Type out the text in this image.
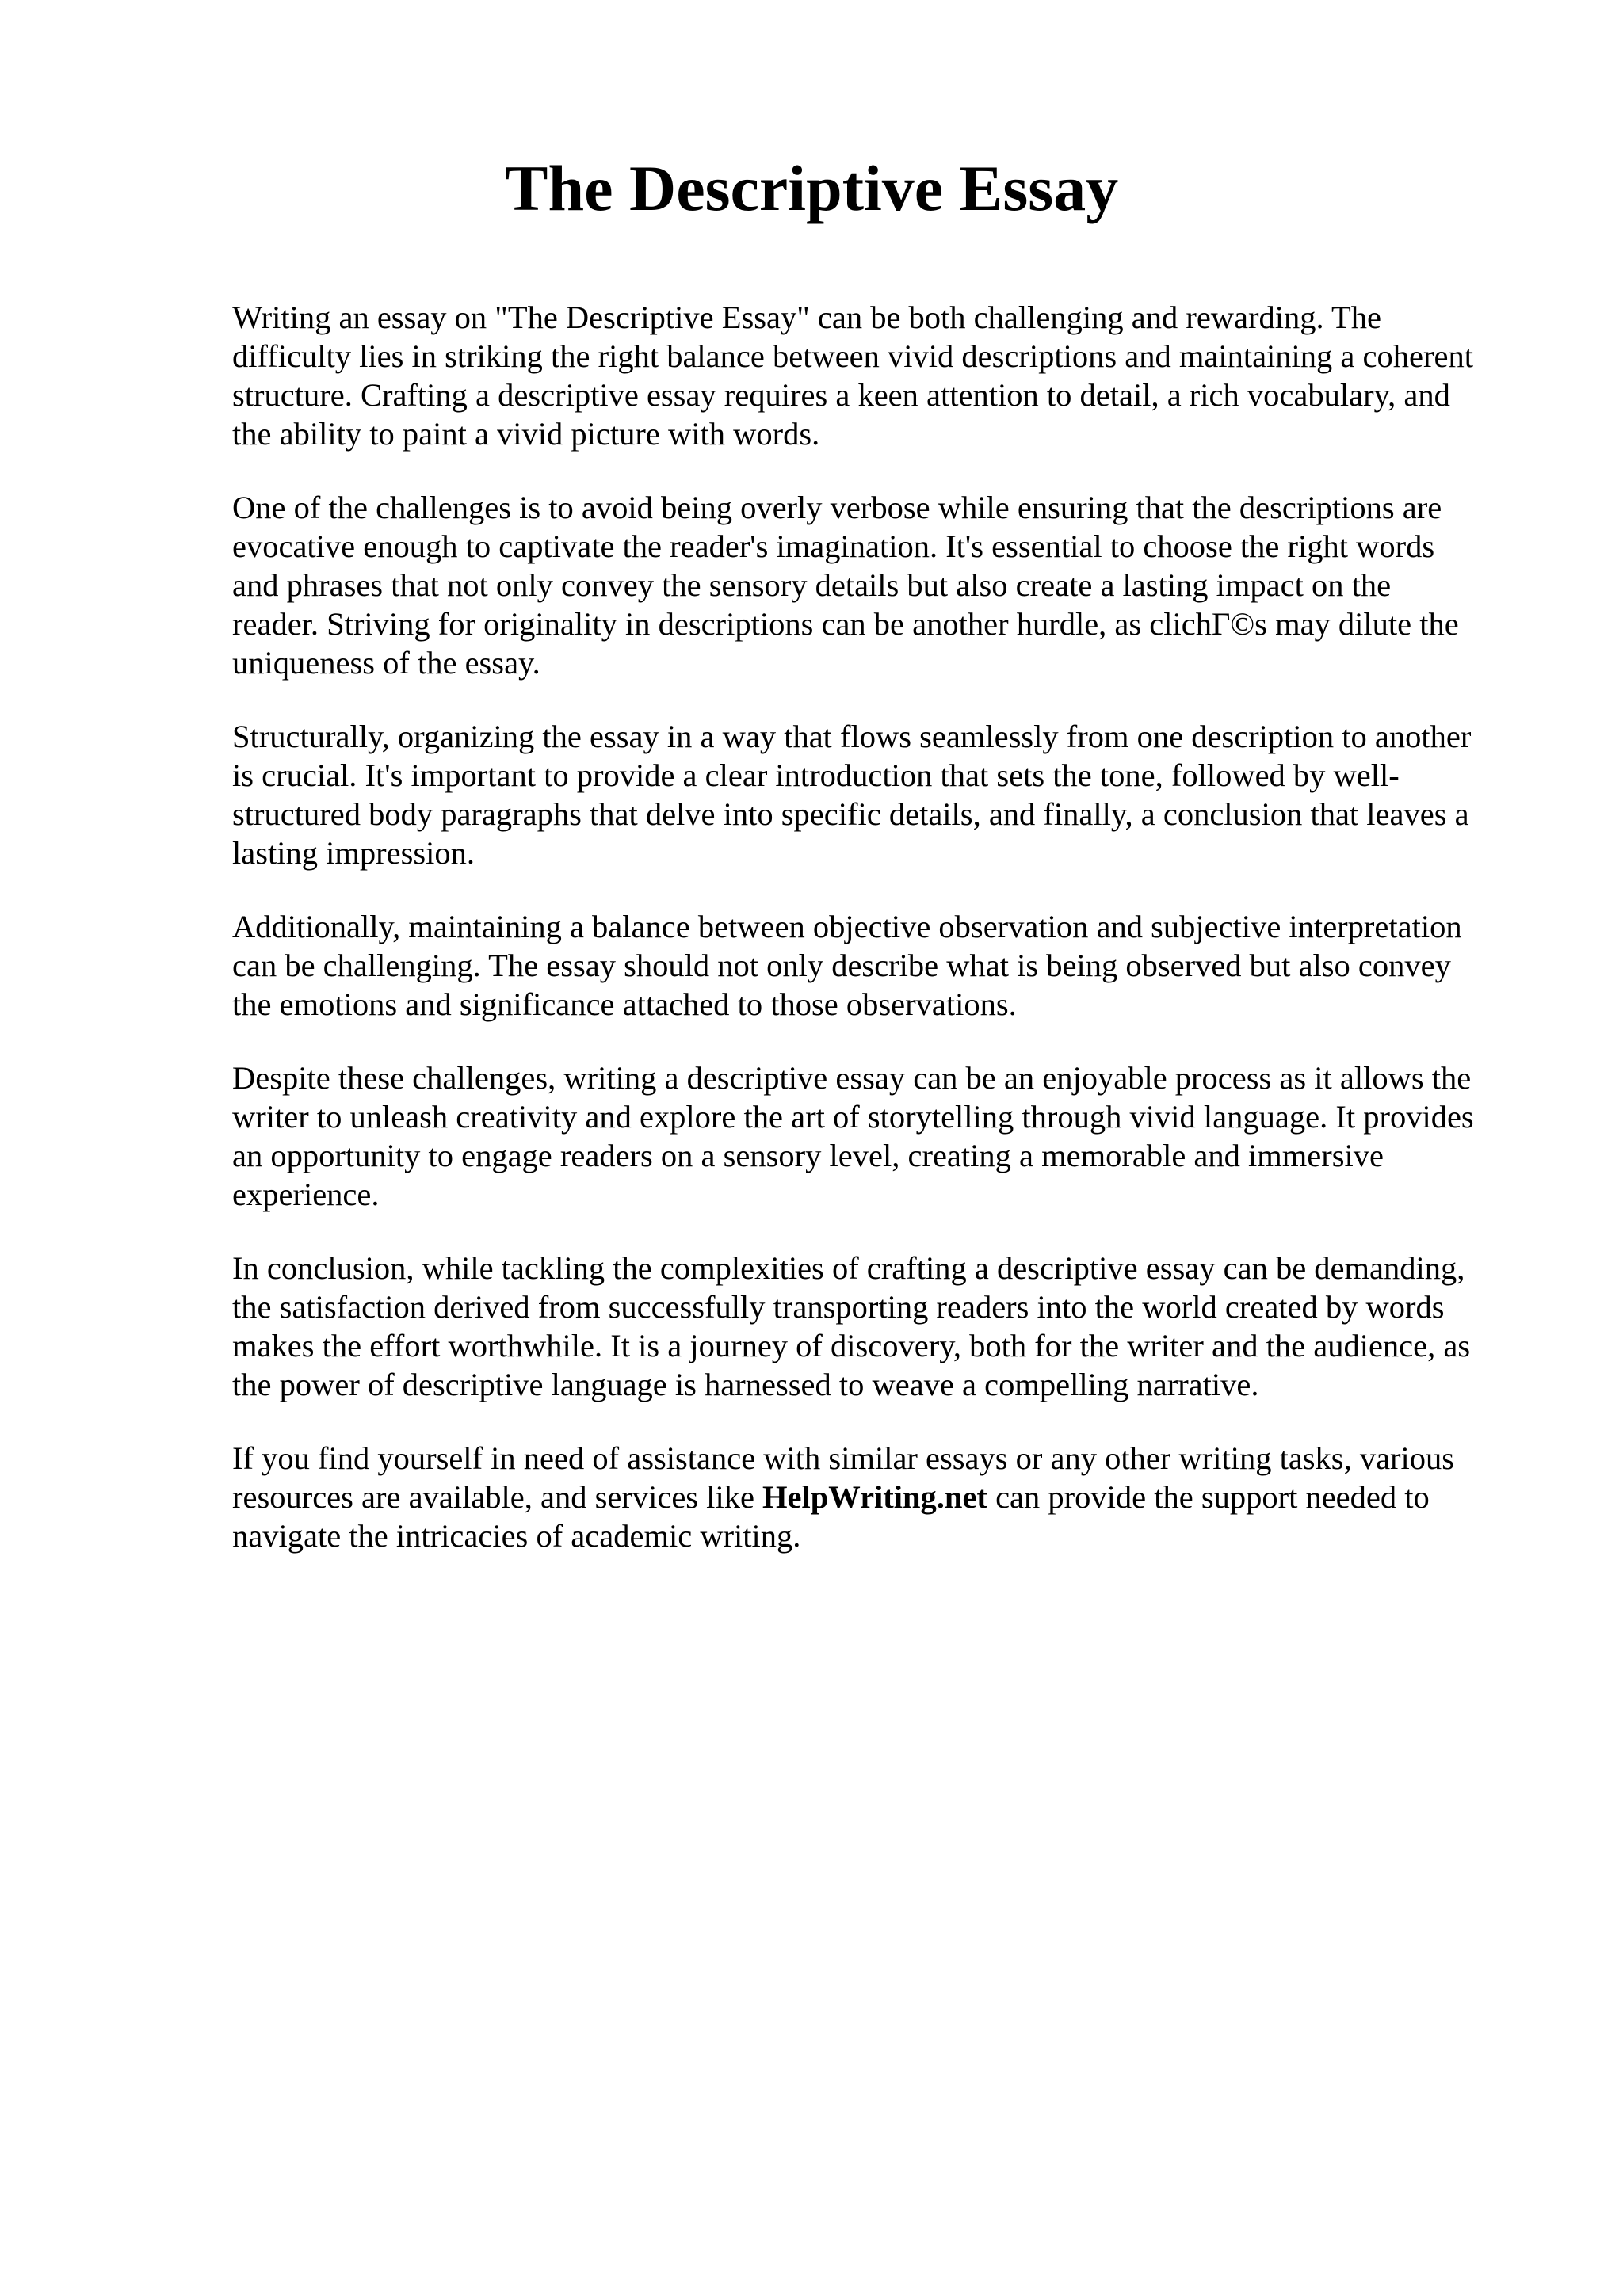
The Descriptive Essay

Writing an essay on "The Descriptive Essay" can be both challenging and rewarding. The
difficulty lies in striking the right balance between vivid descriptions and maintaining a coherent
structure. Crafting a descriptive essay requires a keen attention to detail, a rich vocabulary, and
the ability to paint a vivid picture with words.

One of the challenges is to avoid being overly verbose while ensuring that the descriptions are
evocative enough to captivate the reader's imagination. It's essential to choose the right words
and phrases that not only convey the sensory details but also create a lasting impact on the
reader. Striving for originality in descriptions can be another hurdle, as clichΓ©s may dilute the
uniqueness of the essay.

Structurally, organizing the essay in a way that flows seamlessly from one description to another
is crucial. It's important to provide a clear introduction that sets the tone, followed by well-
structured body paragraphs that delve into specific details, and finally, a conclusion that leaves a
lasting impression.

Additionally, maintaining a balance between objective observation and subjective interpretation
can be challenging. The essay should not only describe what is being observed but also convey
the emotions and significance attached to those observations.

Despite these challenges, writing a descriptive essay can be an enjoyable process as it allows the
writer to unleash creativity and explore the art of storytelling through vivid language. It provides
an opportunity to engage readers on a sensory level, creating a memorable and immersive
experience.

In conclusion, while tackling the complexities of crafting a descriptive essay can be demanding,
the satisfaction derived from successfully transporting readers into the world created by words
makes the effort worthwhile. It is a journey of discovery, both for the writer and the audience, as
the power of descriptive language is harnessed to weave a compelling narrative.

If you find yourself in need of assistance with similar essays or any other writing tasks, various
resources are available, and services like HelpWriting.net can provide the support needed to
navigate the intricacies of academic writing.
